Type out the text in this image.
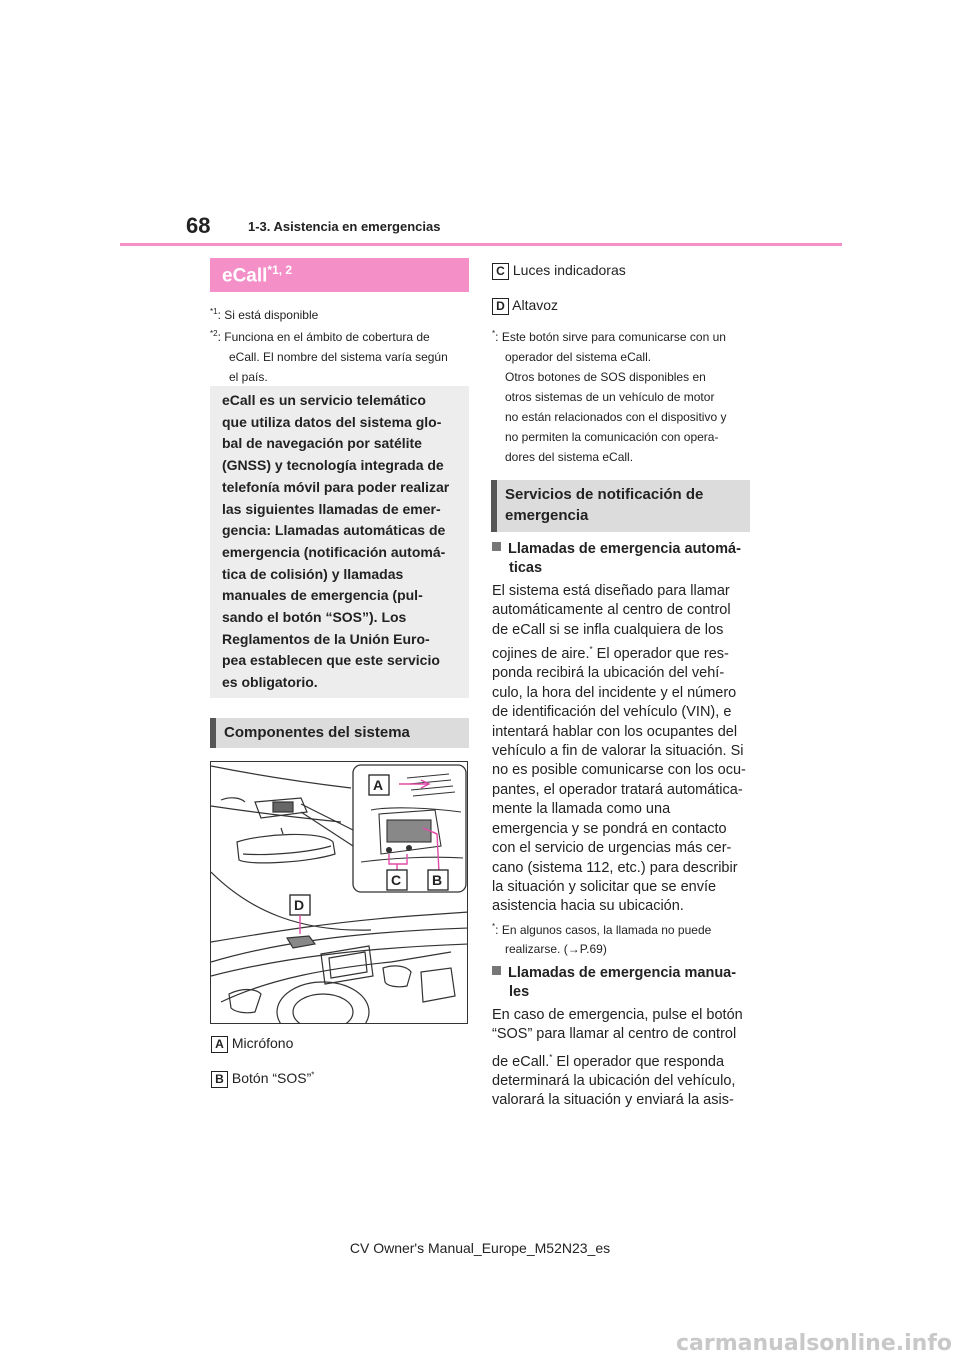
68	1-3. Asistencia en emergencias
eCall$^{*1, 2}$
$^{*1}$: Si está disponible
$^{*2}$: Funciona en el ámbito de cobertura de
eCall. El nombre del sistema varía según
el país.

eCall es un servicio telemático
que utiliza datos del sistema glo-
bal de navegación por satélite
(GNSS) y tecnología integrada de
telefonía móvil para poder realizar
las siguientes llamadas de emer-
gencia: Llamadas automáticas de
emergencia (notificación automá-
tica de colisión) y llamadas
manuales de emergencia (pul-
sando el botón “SOS”). Los
Reglamentos de la Unión Euro-
pea establecen que este servicio
es obligatorio.

Componentes del sistema
A
C B
D
A Micrófono
B Botón “SOS”*
C Luces indicadoras
D Altavoz
*: Este botón sirve para comunicarse con un
operador del sistema eCall.
Otros botones de SOS disponibles en
otros sistemas de un vehículo de motor
no están relacionados con el dispositivo y
no permiten la comunicación con opera-
dores del sistema eCall.
Servicios de notificación de
emergencia
Llamadas de emergencia automá-
ticas
El sistema está diseñado para llamar
automáticamente al centro de control
de eCall si se infla cualquiera de los
cojines de aire.* El operador que res-
ponda recibirá la ubicación del vehí-
culo, la hora del incidente y el número
de identificación del vehículo (VIN), e
intentará hablar con los ocupantes del
vehículo a fin de valorar la situación. Si
no es posible comunicarse con los ocu-
pantes, el operador tratará automática-
mente la llamada como una
emergencia y se pondrá en contacto
con el servicio de urgencias más cer-
cano (sistema 112, etc.) para describir
la situación y solicitar que se envíe
asistencia hacia su ubicación.
*: En algunos casos, la llamada no puede
realizarse. (→P.69)
Llamadas de emergencia manua-
les
En caso de emergencia, pulse el botón
“SOS” para llamar al centro de control
de eCall.* El operador que responda
determinará la ubicación del vehículo,
valorará la situación y enviará la asis-
CV Owner's Manual_Europe_M52N23_es
carmanualsonline.info
